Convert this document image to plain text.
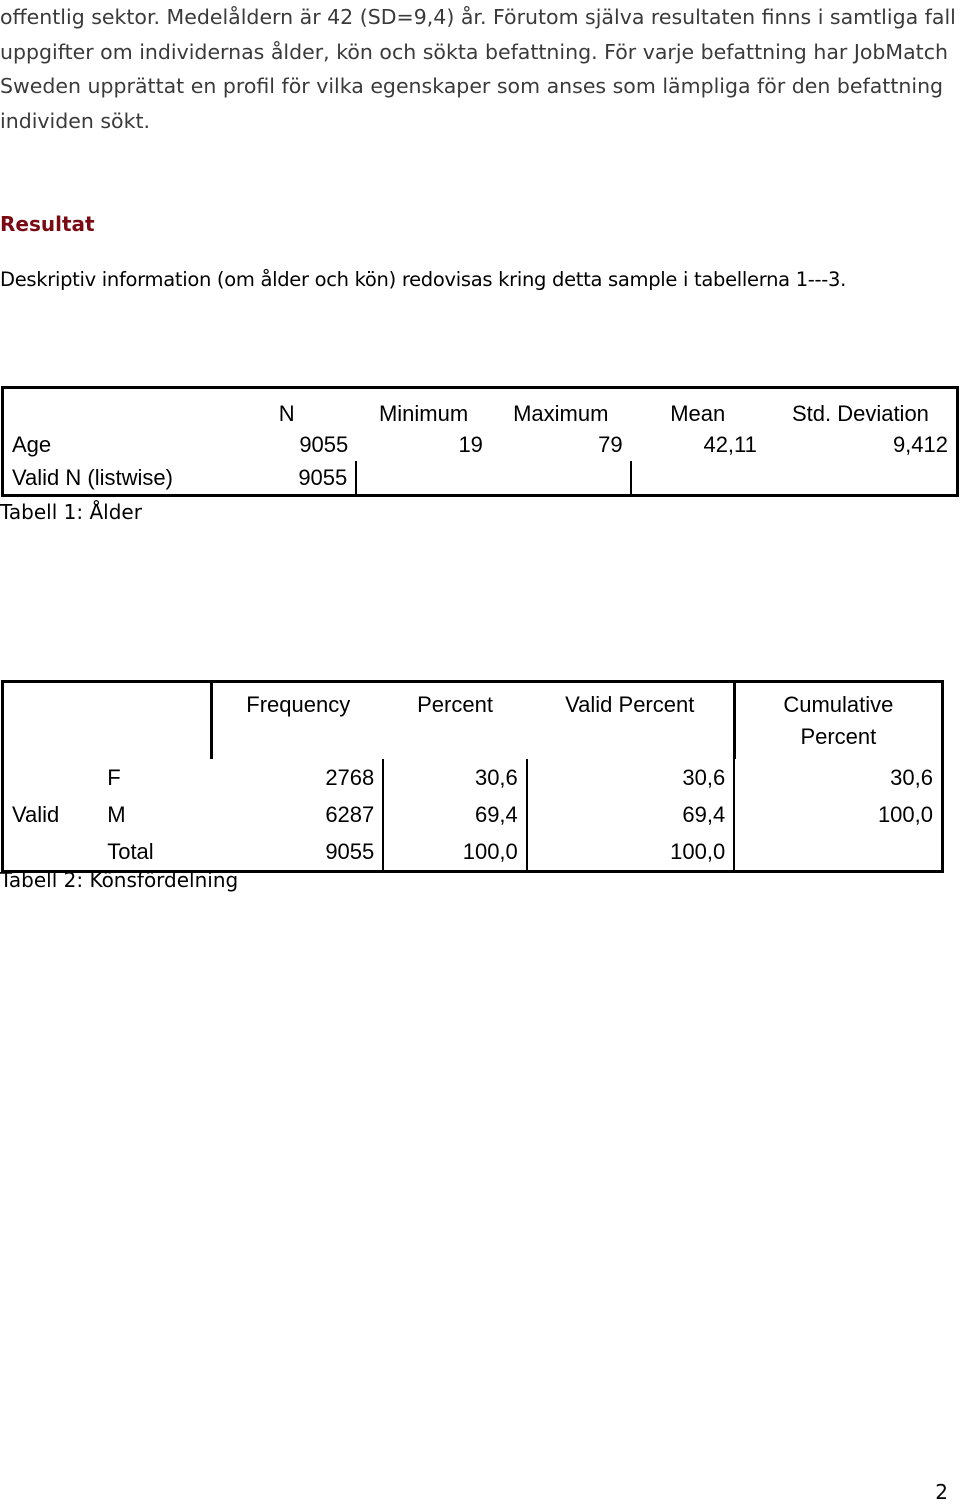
offentlig sektor. Medelåldern är 42 (SD=9,4) år. Förutom själva resultaten finns i samtliga fall
uppgifter om individernas ålder, kön och sökta befattning. För varje befattning har JobMatch
Sweden upprättat en profil för vilka egenskaper som anses som lämpliga för den befattning
individen sökt.
Resultat

Deskriptiv information (om ålder och kön) redovisas kring detta sample i tabellerna 1---3.

	N	Minimum	Maximum	Mean	Std. Deviation
Age	9055	19	79	42,11	9,412
Valid N (listwise)	9055				

Tabell 1: Ålder

		Frequency	Percent	Valid Percent	Cumulative Percent
	F	2768	30,6	30,6	30,6
Valid	M	6287	69,4	69,4	100,0
	Total	9055	100,0	100,0	

Tabell 2: Könsfördelning

2
